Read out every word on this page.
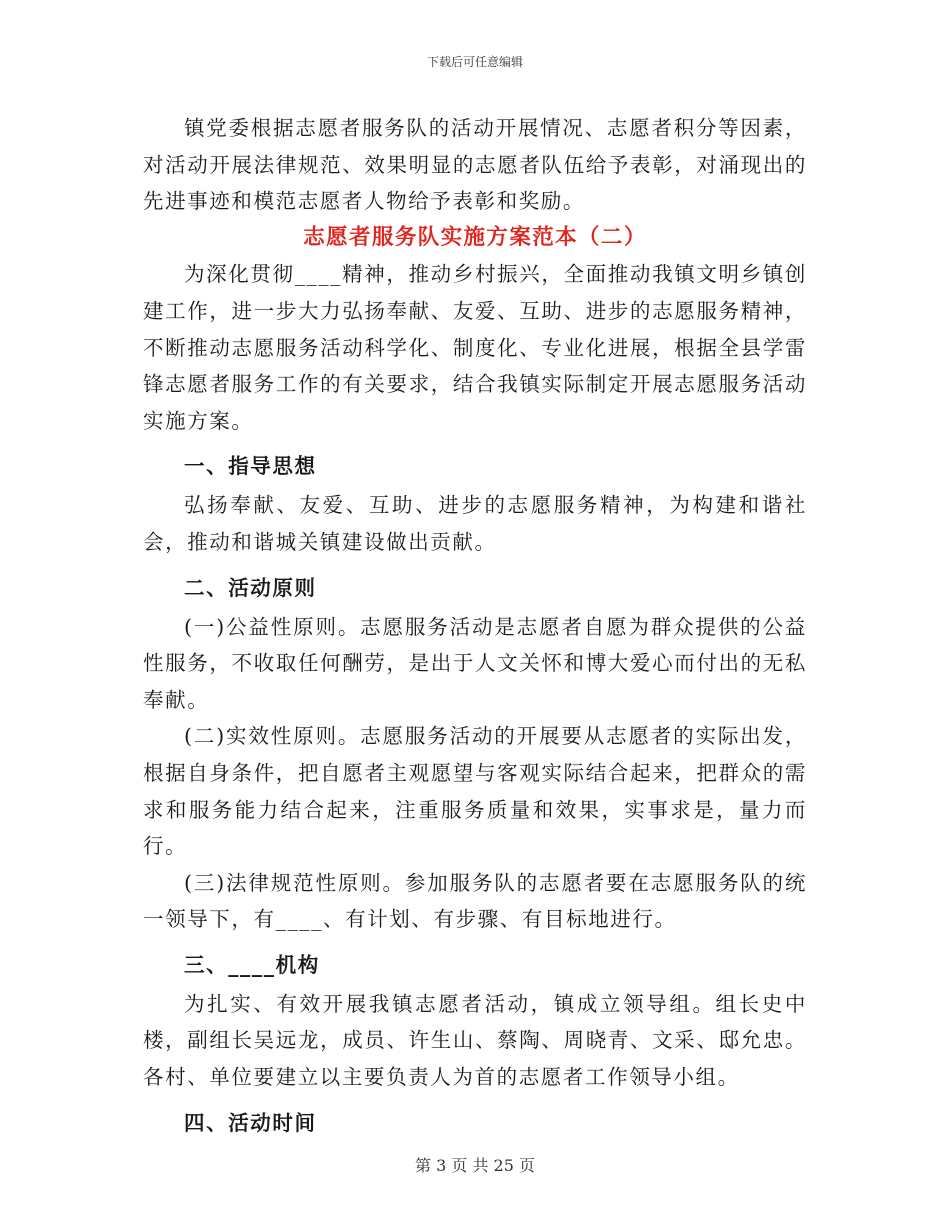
下载后可任意编辑

镇党委根据志愿者服务队的活动开展情况、志愿者积分等因素，对活动开展法律规范、效果明显的志愿者队伍给予表彰，对涌现出的先进事迹和模范志愿者人物给予表彰和奖励。

志愿者服务队实施方案范本（二）

为深化贯彻____精神，推动乡村振兴，全面推动我镇文明乡镇创建工作，进一步大力弘扬奉献、友爱、互助、进步的志愿服务精神，不断推动志愿服务活动科学化、制度化、专业化进展，根据全县学雷锋志愿者服务工作的有关要求，结合我镇实际制定开展志愿服务活动实施方案。

一、指导思想

弘扬奉献、友爱、互助、进步的志愿服务精神，为构建和谐社会，推动和谐城关镇建设做出贡献。

二、活动原则

(一)公益性原则。志愿服务活动是志愿者自愿为群众提供的公益性服务，不收取任何酬劳，是出于人文关怀和博大爱心而付出的无私奉献。

(二)实效性原则。志愿服务活动的开展要从志愿者的实际出发，根据自身条件，把自愿者主观愿望与客观实际结合起来，把群众的需求和服务能力结合起来，注重服务质量和效果，实事求是，量力而行。

(三)法律规范性原则。参加服务队的志愿者要在志愿服务队的统一领导下，有____、有计划、有步骤、有目标地进行。

三、____机构

为扎实、有效开展我镇志愿者活动，镇成立领导组。组长史中楼，副组长吴远龙，成员、许生山、蔡陶、周晓青、文采、邸允忠。各村、单位要建立以主要负责人为首的志愿者工作领导小组。

四、活动时间

第 3 页 共 25 页
